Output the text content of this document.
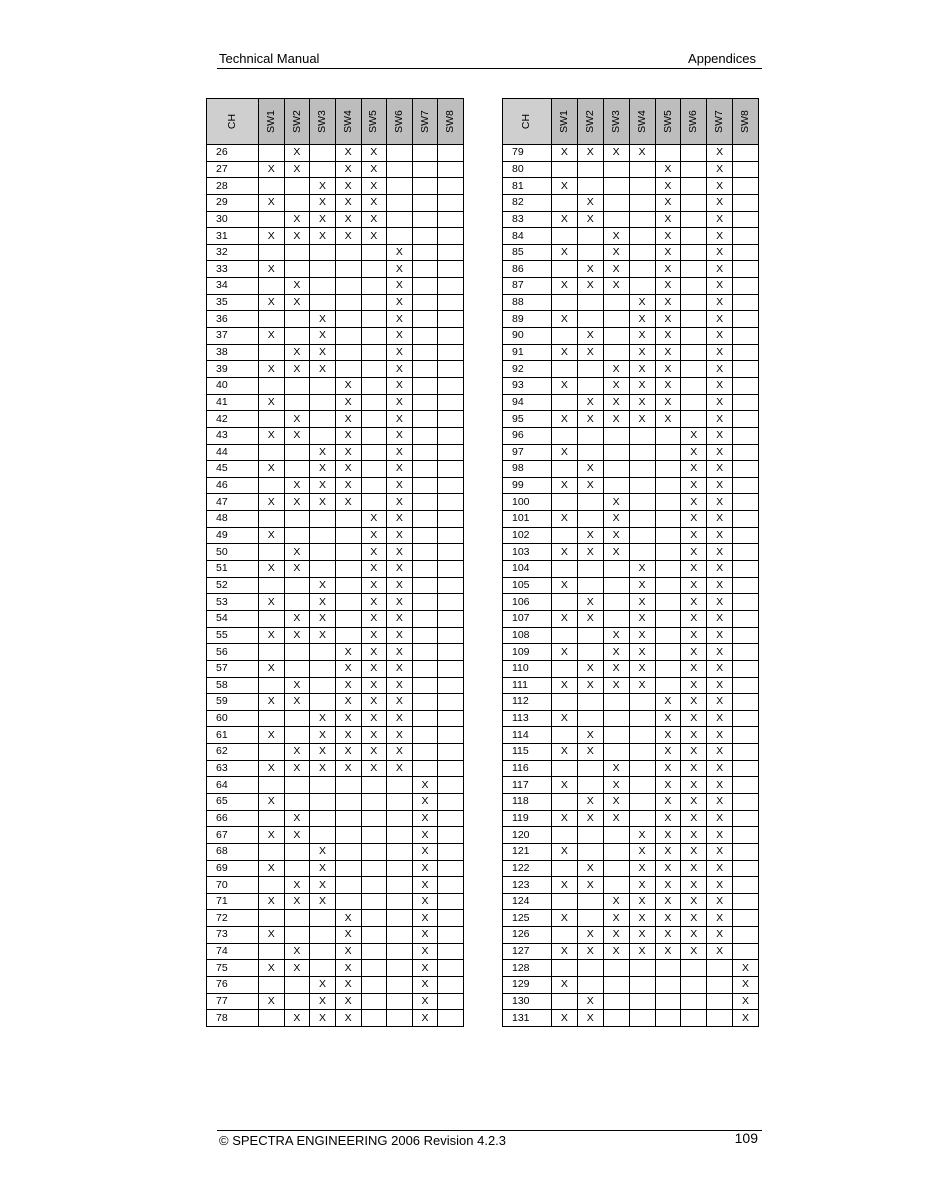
Technical Manual	Appendices
CH	SW1	SW2	SW3	SW4	SW5	SW6	SW7	SW8
26		X		X	X			
27	X	X		X	X			
28			X	X	X			
29	X		X	X	X			
30		X	X	X	X			
31	X	X	X	X	X			
32						X		
33	X					X		
34		X				X		
35	X	X				X		
36			X			X		
37	X		X			X		
38		X	X			X		
39	X	X	X			X		
40				X		X		
41	X			X		X		
42		X		X		X		
43	X	X		X		X		
44			X	X		X		
45	X		X	X		X		
46		X	X	X		X		
47	X	X	X	X		X		
48					X	X		
49	X				X	X		
50		X			X	X		
51	X	X			X	X		
52			X		X	X		
53	X		X		X	X		
54		X	X		X	X		
55	X	X	X		X	X		
56				X	X	X		
57	X			X	X	X		
58		X		X	X	X		
59	X	X		X	X	X		
60			X	X	X	X		
61	X		X	X	X	X		
62		X	X	X	X	X		
63	X	X	X	X	X	X		
64							X	
65	X						X	
66		X					X	
67	X	X					X	
68			X				X	
69	X		X				X	
70		X	X				X	
71	X	X	X				X	
72				X			X	
73	X			X			X	
74		X		X			X	
75	X	X		X			X	
76			X	X			X	
77	X		X	X			X	
78		X	X	X			X	
CH	SW1	SW2	SW3	SW4	SW5	SW6	SW7	SW8
79	X	X	X	X			X	
80					X		X	
81	X				X		X	
82		X			X		X	
83	X	X			X		X	
84			X		X		X	
85	X		X		X		X	
86		X	X		X		X	
87	X	X	X		X		X	
88				X	X		X	
89	X			X	X		X	
90		X		X	X		X	
91	X	X		X	X		X	
92			X	X	X		X	
93	X		X	X	X		X	
94		X	X	X	X		X	
95	X	X	X	X	X		X	
96						X	X	
97	X					X	X	
98		X				X	X	
99	X	X				X	X	
100			X			X	X	
101	X		X			X	X	
102		X	X			X	X	
103	X	X	X			X	X	
104				X		X	X	
105	X			X		X	X	
106		X		X		X	X	
107	X	X		X		X	X	
108			X	X		X	X	
109	X		X	X		X	X	
110		X	X	X		X	X	
111	X	X	X	X		X	X	
112					X	X	X	
113	X				X	X	X	
114		X			X	X	X	
115	X	X			X	X	X	
116			X		X	X	X	
117	X		X		X	X	X	
118		X	X		X	X	X	
119	X	X	X		X	X	X	
120				X	X	X	X	
121	X			X	X	X	X	
122		X		X	X	X	X	
123	X	X		X	X	X	X	
124			X	X	X	X	X	
125	X		X	X	X	X	X	
126		X	X	X	X	X	X	
127	X	X	X	X	X	X	X	
128								X
129	X							X
130		X						X
131	X	X						X
© SPECTRA ENGINEERING 2006 Revision 4.2.3	109
